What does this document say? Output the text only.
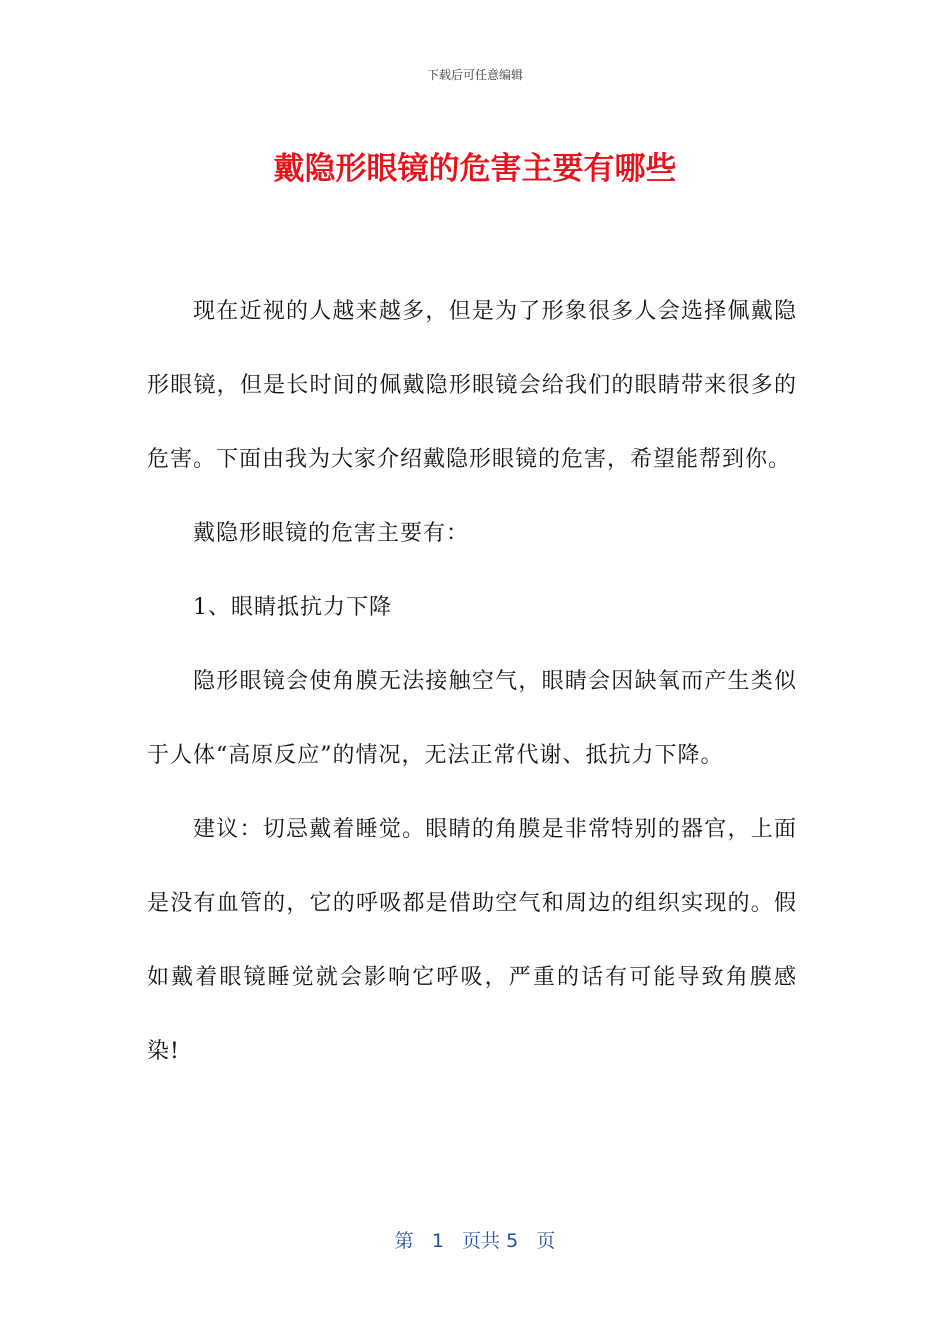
下载后可任意编辑
戴隐形眼镜的危害主要有哪些

现在近视的人越来越多，但是为了形象很多人会选择佩戴隐形眼镜，但是长时间的佩戴隐形眼镜会给我们的眼睛带来很多的危害。下面由我为大家介绍戴隐形眼镜的危害，希望能帮到你。

戴隐形眼镜的危害主要有：

1、眼睛抵抗力下降

隐形眼镜会使角膜无法接触空气，眼睛会因缺氧而产生类似于人体“高原反应”的情况，无法正常代谢、抵抗力下降。

建议：切忌戴着睡觉。眼睛的角膜是非常特别的器官，上面是没有血管的，它的呼吸都是借助空气和周边的组织实现的。假如戴着眼镜睡觉就会影响它呼吸，严重的话有可能导致角膜感染!

第 1 页共 5 页
